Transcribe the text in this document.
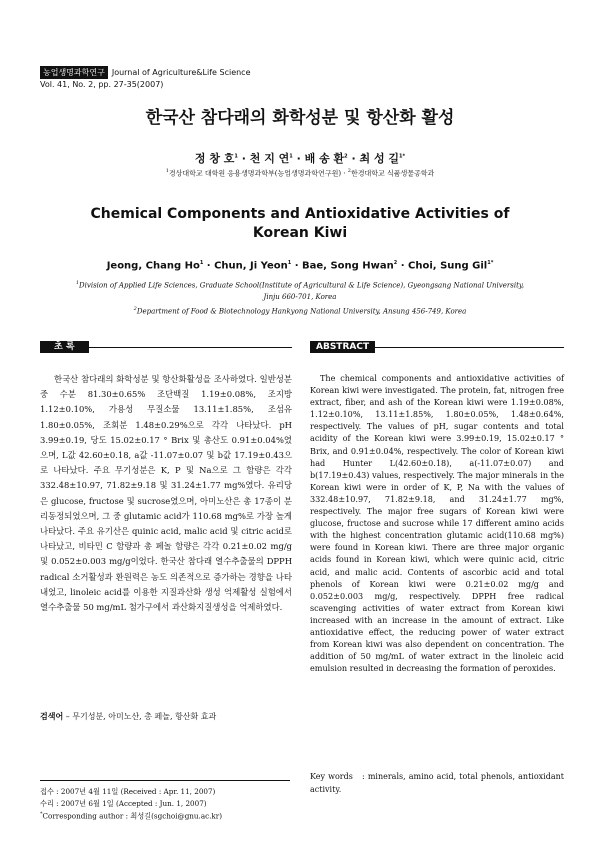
농업생명과학연구 Journal of Agriculture&Life Science
Vol. 41, No. 2, pp. 27-35(2007)
한국산 참다래의 화학성분 및 항산화 활성
정 창 호$^1$ · 천 지 연$^1$ · 배 송 환$^2$ · 최 성 길$^{1*}$
$^1$경상대학교 대학원 응용생명과학부(농업생명과학연구원) · $^2$한경대학교 식품생물공학과
Chemical Components and Antioxidative Activities of
Korean Kiwi
Jeong, Chang $Ho^1$ · Chun, Ji Yeon$^1$ · Bae, Song Hwan$^2$ · Choi, Sung Gil$^{1*}$
$^1$Division of Applied Life Sciences, Graduate School(Institute of Agricultural & Life Science), Gyeongsang National University,
Jinju 660-701, Korea
$^2$Department of Food & Biotechnology Hankyong National University, Ansung 456-749, Korea
초 록	ABSTRACT
한국산 참다래의 화학성분 및 항산화활성을 조사하였다. 일반성분 중 수분 81.30±0.65% 조단백질 1.19±0.08%, 조지방 1.12±0.10%, 가용성 무질소물 13.11±1.85%, 조섬유 1.80±0.05%, 조회분 1.48±0.29%으로 각각 나타났다. pH 3.99±0.19, 당도 15.02±0.17 ° Brix 및 총산도 0.91±0.04%였으며, L값 42.60±0.18, a값 -11.07±0.07 및 b값 17.19±0.43으로 나타났다. 주요 무기성분은 K, P 및 Na으로 그 함량은 각각 332.48±10.97, 71.82±9.18 및 31.24±1.77 mg%였다. 유리당은 glucose, fructose 및 sucrose였으며, 아미노산은 총 17종이 분리동정되었으며, 그 중 glutamic acid가 110.68 mg%로 가장 높게 나타났다. 주요 유기산은 quinic acid, malic acid 및 citric acid로 나타났고, 비타민 C 함량과 총 페놀 함량은 각각 0.21±0.02 mg/g 및 0.052±0.003 mg/g이었다. 한국산 참다래 열수추출물의 DPPH radical 소거활성과 환원력은 농도 의존적으로 증가하는 경향을 나타내었고, linoleic acid를 이용한 지질과산화 생성 억제활성 실험에서 열수추출물 50 mg/mL 첨가구에서 과산화지질생성을 억제하였다.
The chemical components and antioxidative activities of Korean kiwi were investigated. The protein, fat, nitrogen free extract, fiber, and ash of the Korean kiwi were 1.19±0.08%, 1.12±0.10%, 13.11±1.85%, 1.80±0.05%, 1.48±0.64%, respectively. The values of pH, sugar contents and total acidity of the Korean kiwi were 3.99±0.19, 15.02±0.17 ° Brix, and 0.91±0.04%, respectively. The color of Korean kiwi had Hunter L(42.60±0.18), a(-11.07±0.07) and b(17.19±0.43) values, respectively. The major minerals in the Korean kiwi were in order of K, P, Na with the values of 332.48±10.97, 71.82±9.18, and 31.24±1.77 mg%, respectively. The major free sugars of Korean kiwi were glucose, fructose and sucrose while 17 different amino acids with the highest concentration glutamic acid(110.68 mg%) were found in Korean kiwi. There are three major organic acids found in Korean kiwi, which were quinic acid, citric acid, and malic acid. Contents of ascorbic acid and total phenols of Korean kiwi were 0.21±0.02 mg/g and 0.052±0.003 mg/g, respectively. DPPH free radical scavenging activities of water extract from Korean kiwi increased with an increase in the amount of extract. Like antioxidative effect, the reducing power of water extract from Korean kiwi was also dependent on concentration. The addition of 50 mg/mL of water extract in the linoleic acid emulsion resulted in decreasing the formation of peroxides.
검색어 – 무기성분, 아미노산, 총 페놀, 항산화 효과
Key words : minerals, amino acid, total phenols, antioxidant activity.
접수 : 2007년 4월 11일 (Received : Apr. 11, 2007)
수리 : 2007년 6월 1일 (Accepted : Jun. 1, 2007)
*Corresponding author : 최성길(sgchoi@gnu.ac.kr)
